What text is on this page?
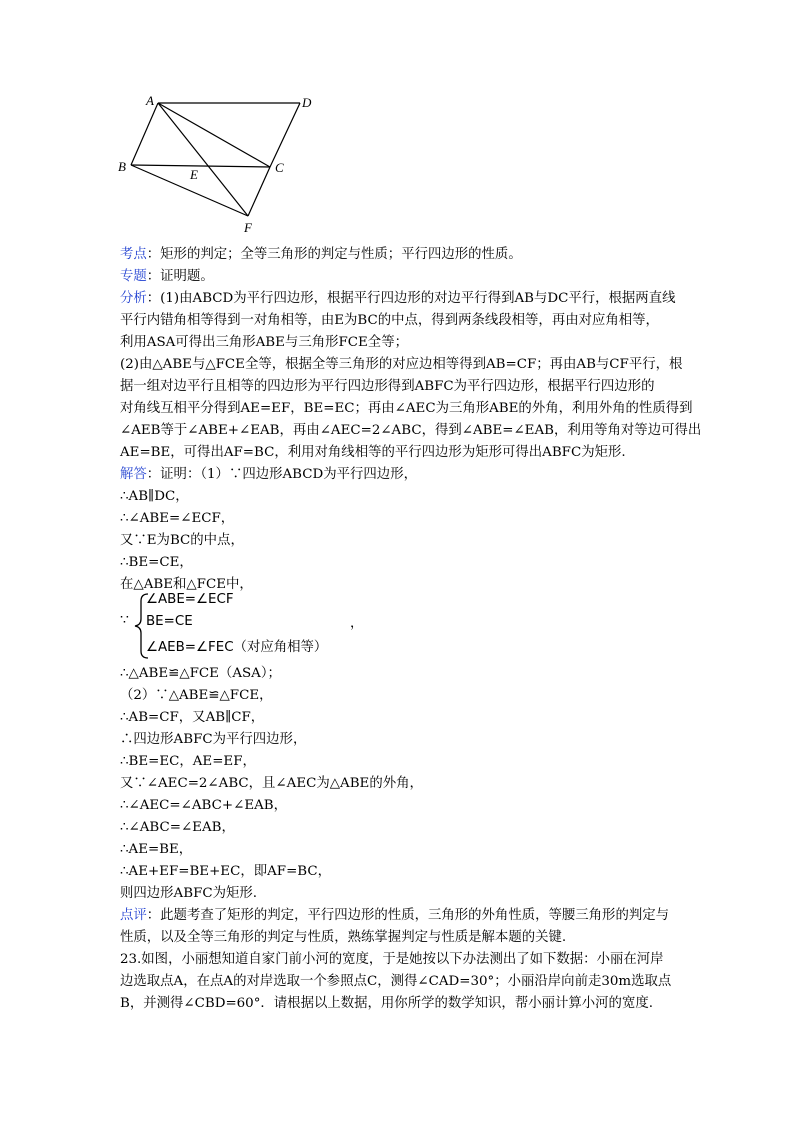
A	D
B
E	C
F
考点：矩形的判定；全等三角形的判定与性质；平行四边形的性质。
专题：证明题。
分析：(1)由ABCD为平行四边形，根据平行四边形的对边平行得到AB与DC平行，根据两直线
平行内错角相等得到一对角相等，由E为BC的中点，得到两条线段相等，再由对应角相等，
利用ASA可得出三角形ABE与三角形FCE全等；
(2)由△ABE与△FCE全等，根据全等三角形的对应边相等得到AB=CF；再由AB与CF平行，根
据一组对边平行且相等的四边形为平行四边形得到ABFC为平行四边形，根据平行四边形的
对角线互相平分得到AE=EF，BE=EC；再由∠AEC为三角形ABE的外角，利用外角的性质得到
∠AEB等于∠ABE+∠EAB，再由∠AEC=2∠ABC，得到∠ABE=∠EAB，利用等角对等边可得出
AE=BE，可得出AF=BC，利用对角线相等的平行四边形为矩形可得出ABFC为矩形.
解答：证明：（1）∵四边形ABCD为平行四边形，
∴AB∥DC，
∴∠ABE=∠ECF，
又∵E为BC的中点，
∴BE=CE，
在△ABE和△FCE中，
∵
∠ABE=∠ECF
BE=CE
∠AEB=∠FEC（对应角相等）
，
∴△ABE≌△FCE（ASA）；
（2）∵△ABE≌△FCE，
∴AB=CF，又AB∥CF，
∴四边形ABFC为平行四边形，
∴BE=EC，AE=EF，
又∵∠AEC=2∠ABC，且∠AEC为△ABE的外角，
∴∠AEC=∠ABC+∠EAB，
∴∠ABC=∠EAB，
∴AE=BE，
∴AE+EF=BE+EC，即AF=BC，
则四边形ABFC为矩形.
点评：此题考查了矩形的判定，平行四边形的性质，三角形的外角性质，等腰三角形的判定与
性质，以及全等三角形的判定与性质，熟练掌握判定与性质是解本题的关键.
23.如图，小丽想知道自家门前小河的宽度，于是她按以下办法测出了如下数据：小丽在河岸
边选取点A，在点A的对岸选取一个参照点C，测得∠CAD=30°；小丽沿岸向前走30m选取点
B，并测得∠CBD=60°．请根据以上数据，用你所学的数学知识，帮小丽计算小河的宽度.
